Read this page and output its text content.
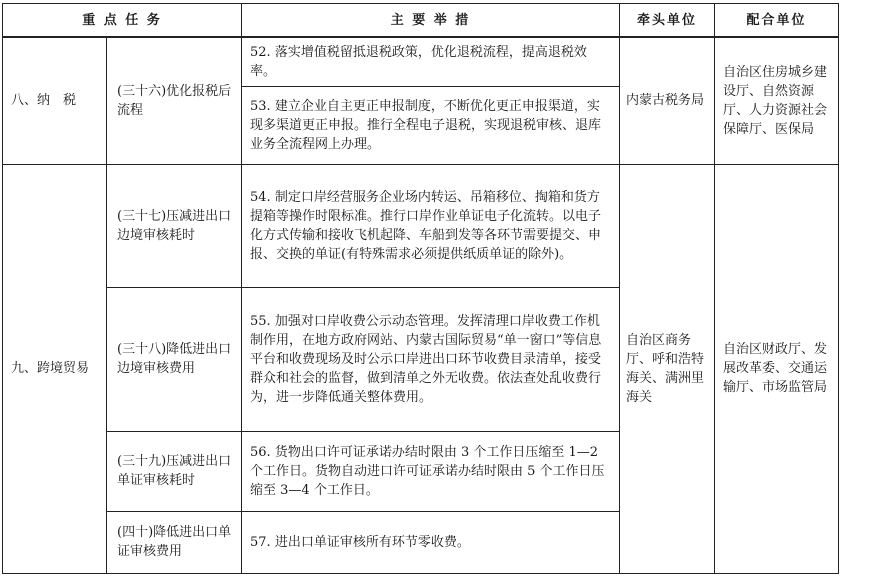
重 点 任 务		主 要 举 措	牵头单位	配合单位
八、纳　税	(三十六)优化报税后流程	52. 落实增值税留抵退税政策，优化退税流程，提高退税效率。	内蒙古税务局	自治区住房城乡建设厅、自然资源厅、人力资源社会保障厅、医保局
		53. 建立企业自主更正申报制度，不断优化更正申报渠道，实现多渠道更正申报。推行全程电子退税，实现退税审核、退库业务全流程网上办理。		
九、跨境贸易	(三十七)压减进出口边境审核耗时	54. 制定口岸经营服务企业场内转运、吊箱移位、掏箱和货方提箱等操作时限标准。推行口岸作业单证电子化流转。以电子化方式传输和接收飞机起降、车船到发等各环节需要提交、申报、交换的单证(有特殊需求必须提供纸质单证的除外)。	自治区商务厅、呼和浩特海关、满洲里海关	自治区财政厅、发展改革委、交通运输厅、市场监管局
	(三十八)降低进出口边境审核费用	55. 加强对口岸收费公示动态管理。发挥清理口岸收费工作机制作用，在地方政府网站、内蒙古国际贸易“单一窗口”等信息平台和收费现场及时公示口岸进出口环节收费目录清单，接受群众和社会的监督，做到清单之外无收费。依法查处乱收费行为，进一步降低通关整体费用。		
	(三十九)压减进出口单证审核耗时	56. 货物出口许可证承诺办结时限由 3 个工作日压缩至 1—2 个工作日。货物自动进口许可证承诺办结时限由 5 个工作日压缩至 3—4 个工作日。		
	(四十)降低进出口单证审核费用	57. 进出口单证审核所有环节零收费。		
